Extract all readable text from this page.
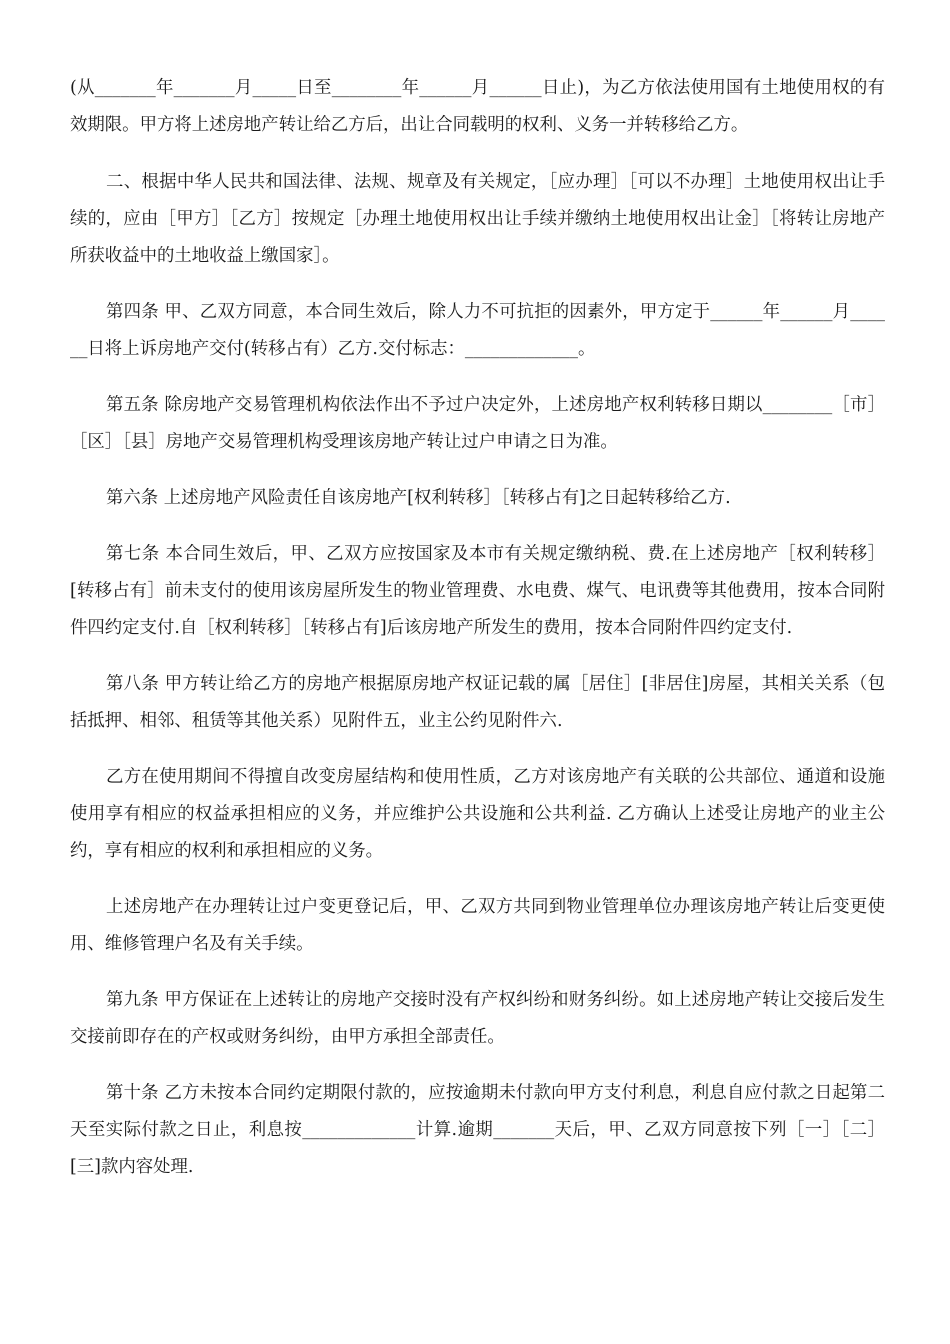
(从_______年_______月_____日至________年______月______日止)，为乙方依法使用国有土地使用权的有效期限。甲方将上述房地产转让给乙方后，出让合同载明的权利、义务一并转移给乙方。

二、根据中华人民共和国法律、法规、规章及有关规定，［应办理］［可以不办理］土地使用权出让手续的，应由［甲方］［乙方］按规定［办理土地使用权出让手续并缴纳土地使用权出让金］［将转让房地产所获收益中的土地收益上缴国家］。

第四条 甲、乙双方同意，本合同生效后，除人力不可抗拒的因素外，甲方定于______年______月______日将上诉房地产交付(转移占有）乙方.交付标志：_____________。

第五条 除房地产交易管理机构依法作出不予过户决定外，上述房地产权利转移日期以________［市］［区］［县］房地产交易管理机构受理该房地产转让过户申请之日为准。

第六条 上述房地产风险责任自该房地产[权利转移］［转移占有]之日起转移给乙方.

第七条 本合同生效后，甲、乙双方应按国家及本市有关规定缴纳税、费.在上述房地产［权利转移］[转移占有］前未支付的使用该房屋所发生的物业管理费、水电费、煤气、电讯费等其他费用，按本合同附件四约定支付.自［权利转移］［转移占有]后该房地产所发生的费用，按本合同附件四约定支付.

第八条 甲方转让给乙方的房地产根据原房地产权证记载的属［居住］[非居住]房屋，其相关关系（包括抵押、相邻、租赁等其他关系）见附件五，业主公约见附件六.

乙方在使用期间不得擅自改变房屋结构和使用性质，乙方对该房地产有关联的公共部位、通道和设施使用享有相应的权益承担相应的义务，并应维护公共设施和公共利益. 乙方确认上述受让房地产的业主公约，享有相应的权利和承担相应的义务。

上述房地产在办理转让过户变更登记后，甲、乙双方共同到物业管理单位办理该房地产转让后变更使用、维修管理户名及有关手续。

第九条 甲方保证在上述转让的房地产交接时没有产权纠纷和财务纠纷。如上述房地产转让交接后发生交接前即存在的产权或财务纠纷，由甲方承担全部责任。

第十条 乙方未按本合同约定期限付款的，应按逾期未付款向甲方支付利息，利息自应付款之日起第二天至实际付款之日止，利息按_____________计算.逾期_______天后，甲、乙双方同意按下列［一］［二］[三]款内容处理.
